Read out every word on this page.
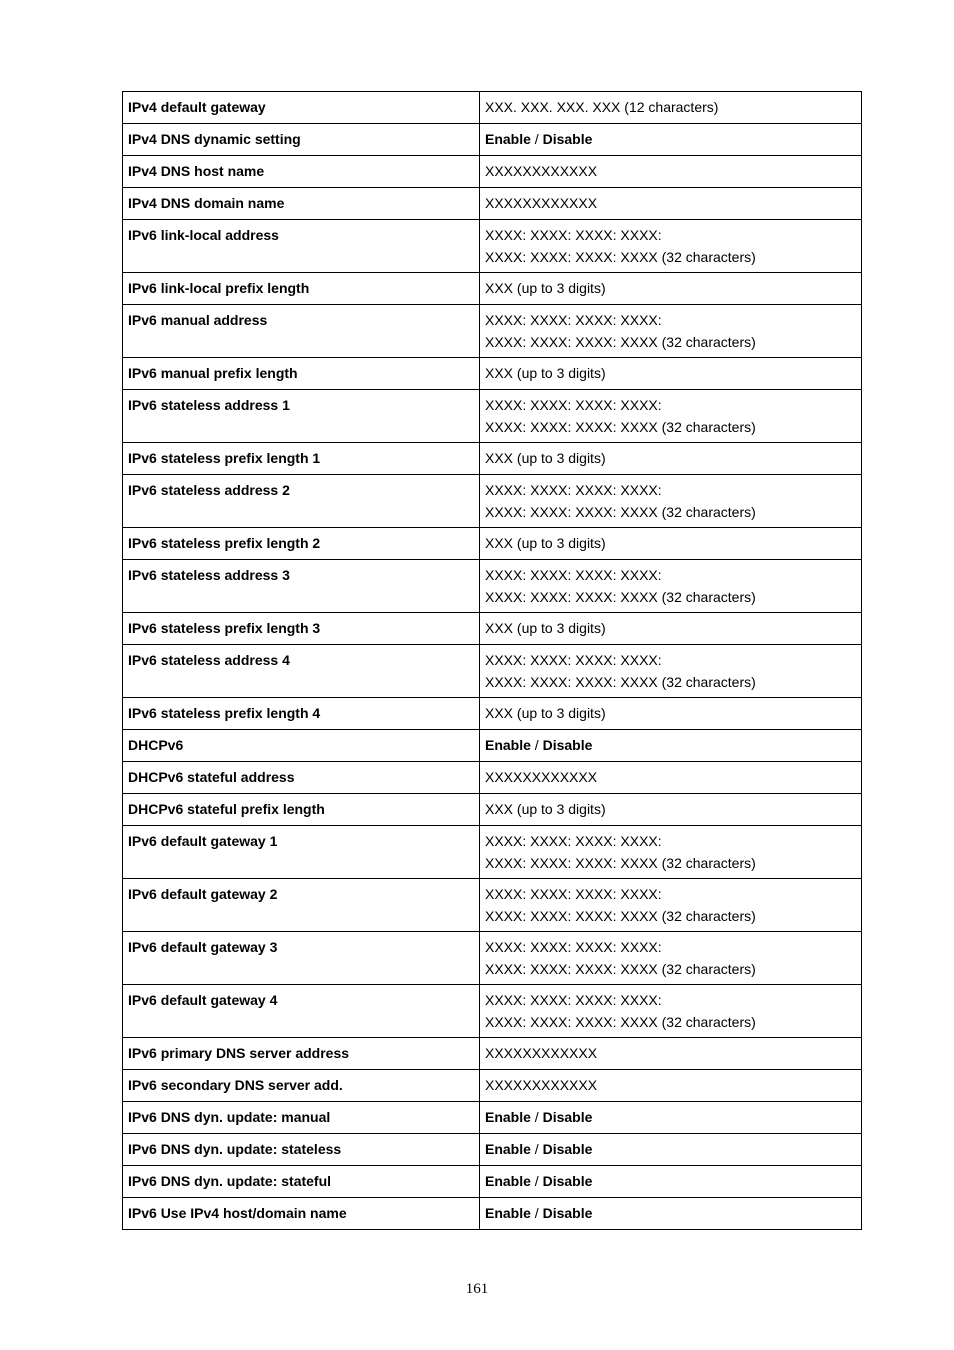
IPv4 default gateway	XXX. XXX. XXX. XXX (12 characters)

IPv4 DNS dynamic setting	Enable / Disable
IPv4 DNS host name	XXXXXXXXXXXX

IPv4 DNS domain name	XXXXXXXXXXXX

IPv6 link-local address	XXXX: XXXX: XXXX: XXXX:
XXXX: XXXX: XXXX: XXXX (32 characters)

IPv6 link-local prefix length	XXX (up to 3 digits)

IPv6 manual address	XXXX: XXXX: XXXX: XXXX:
XXXX: XXXX: XXXX: XXXX (32 characters)

IPv6 manual prefix length	XXX (up to 3 digits)

IPv6 stateless address 1	XXXX: XXXX: XXXX: XXXX:
XXXX: XXXX: XXXX: XXXX (32 characters)

IPv6 stateless prefix length 1	XXX (up to 3 digits)

IPv6 stateless address 2	XXXX: XXXX: XXXX: XXXX:
XXXX: XXXX: XXXX: XXXX (32 characters)

IPv6 stateless prefix length 2	XXX (up to 3 digits)

IPv6 stateless address 3	XXXX: XXXX: XXXX: XXXX:
XXXX: XXXX: XXXX: XXXX (32 characters)

IPv6 stateless prefix length 3	XXX (up to 3 digits)

IPv6 stateless address 4	XXXX: XXXX: XXXX: XXXX:
XXXX: XXXX: XXXX: XXXX (32 characters)

IPv6 stateless prefix length 4	XXX (up to 3 digits)

DHCPv6	Enable / Disable
DHCPv6 stateful address	XXXXXXXXXXXX

DHCPv6 stateful prefix length	XXX (up to 3 digits)

IPv6 default gateway 1	XXXX: XXXX: XXXX: XXXX:
XXXX: XXXX: XXXX: XXXX (32 characters)

IPv6 default gateway 2	XXXX: XXXX: XXXX: XXXX:
XXXX: XXXX: XXXX: XXXX (32 characters)

IPv6 default gateway 3	XXXX: XXXX: XXXX: XXXX:
XXXX: XXXX: XXXX: XXXX (32 characters)

IPv6 default gateway 4	XXXX: XXXX: XXXX: XXXX:
XXXX: XXXX: XXXX: XXXX (32 characters)

IPv6 primary DNS server address	XXXXXXXXXXXX

IPv6 secondary DNS server add.	XXXXXXXXXXXX

IPv6 DNS dyn. update: manual	Enable / Disable
IPv6 DNS dyn. update: stateless	Enable / Disable
IPv6 DNS dyn. update: stateful	Enable / Disable
IPv6 Use IPv4 host/domain name	Enable / Disable
161
